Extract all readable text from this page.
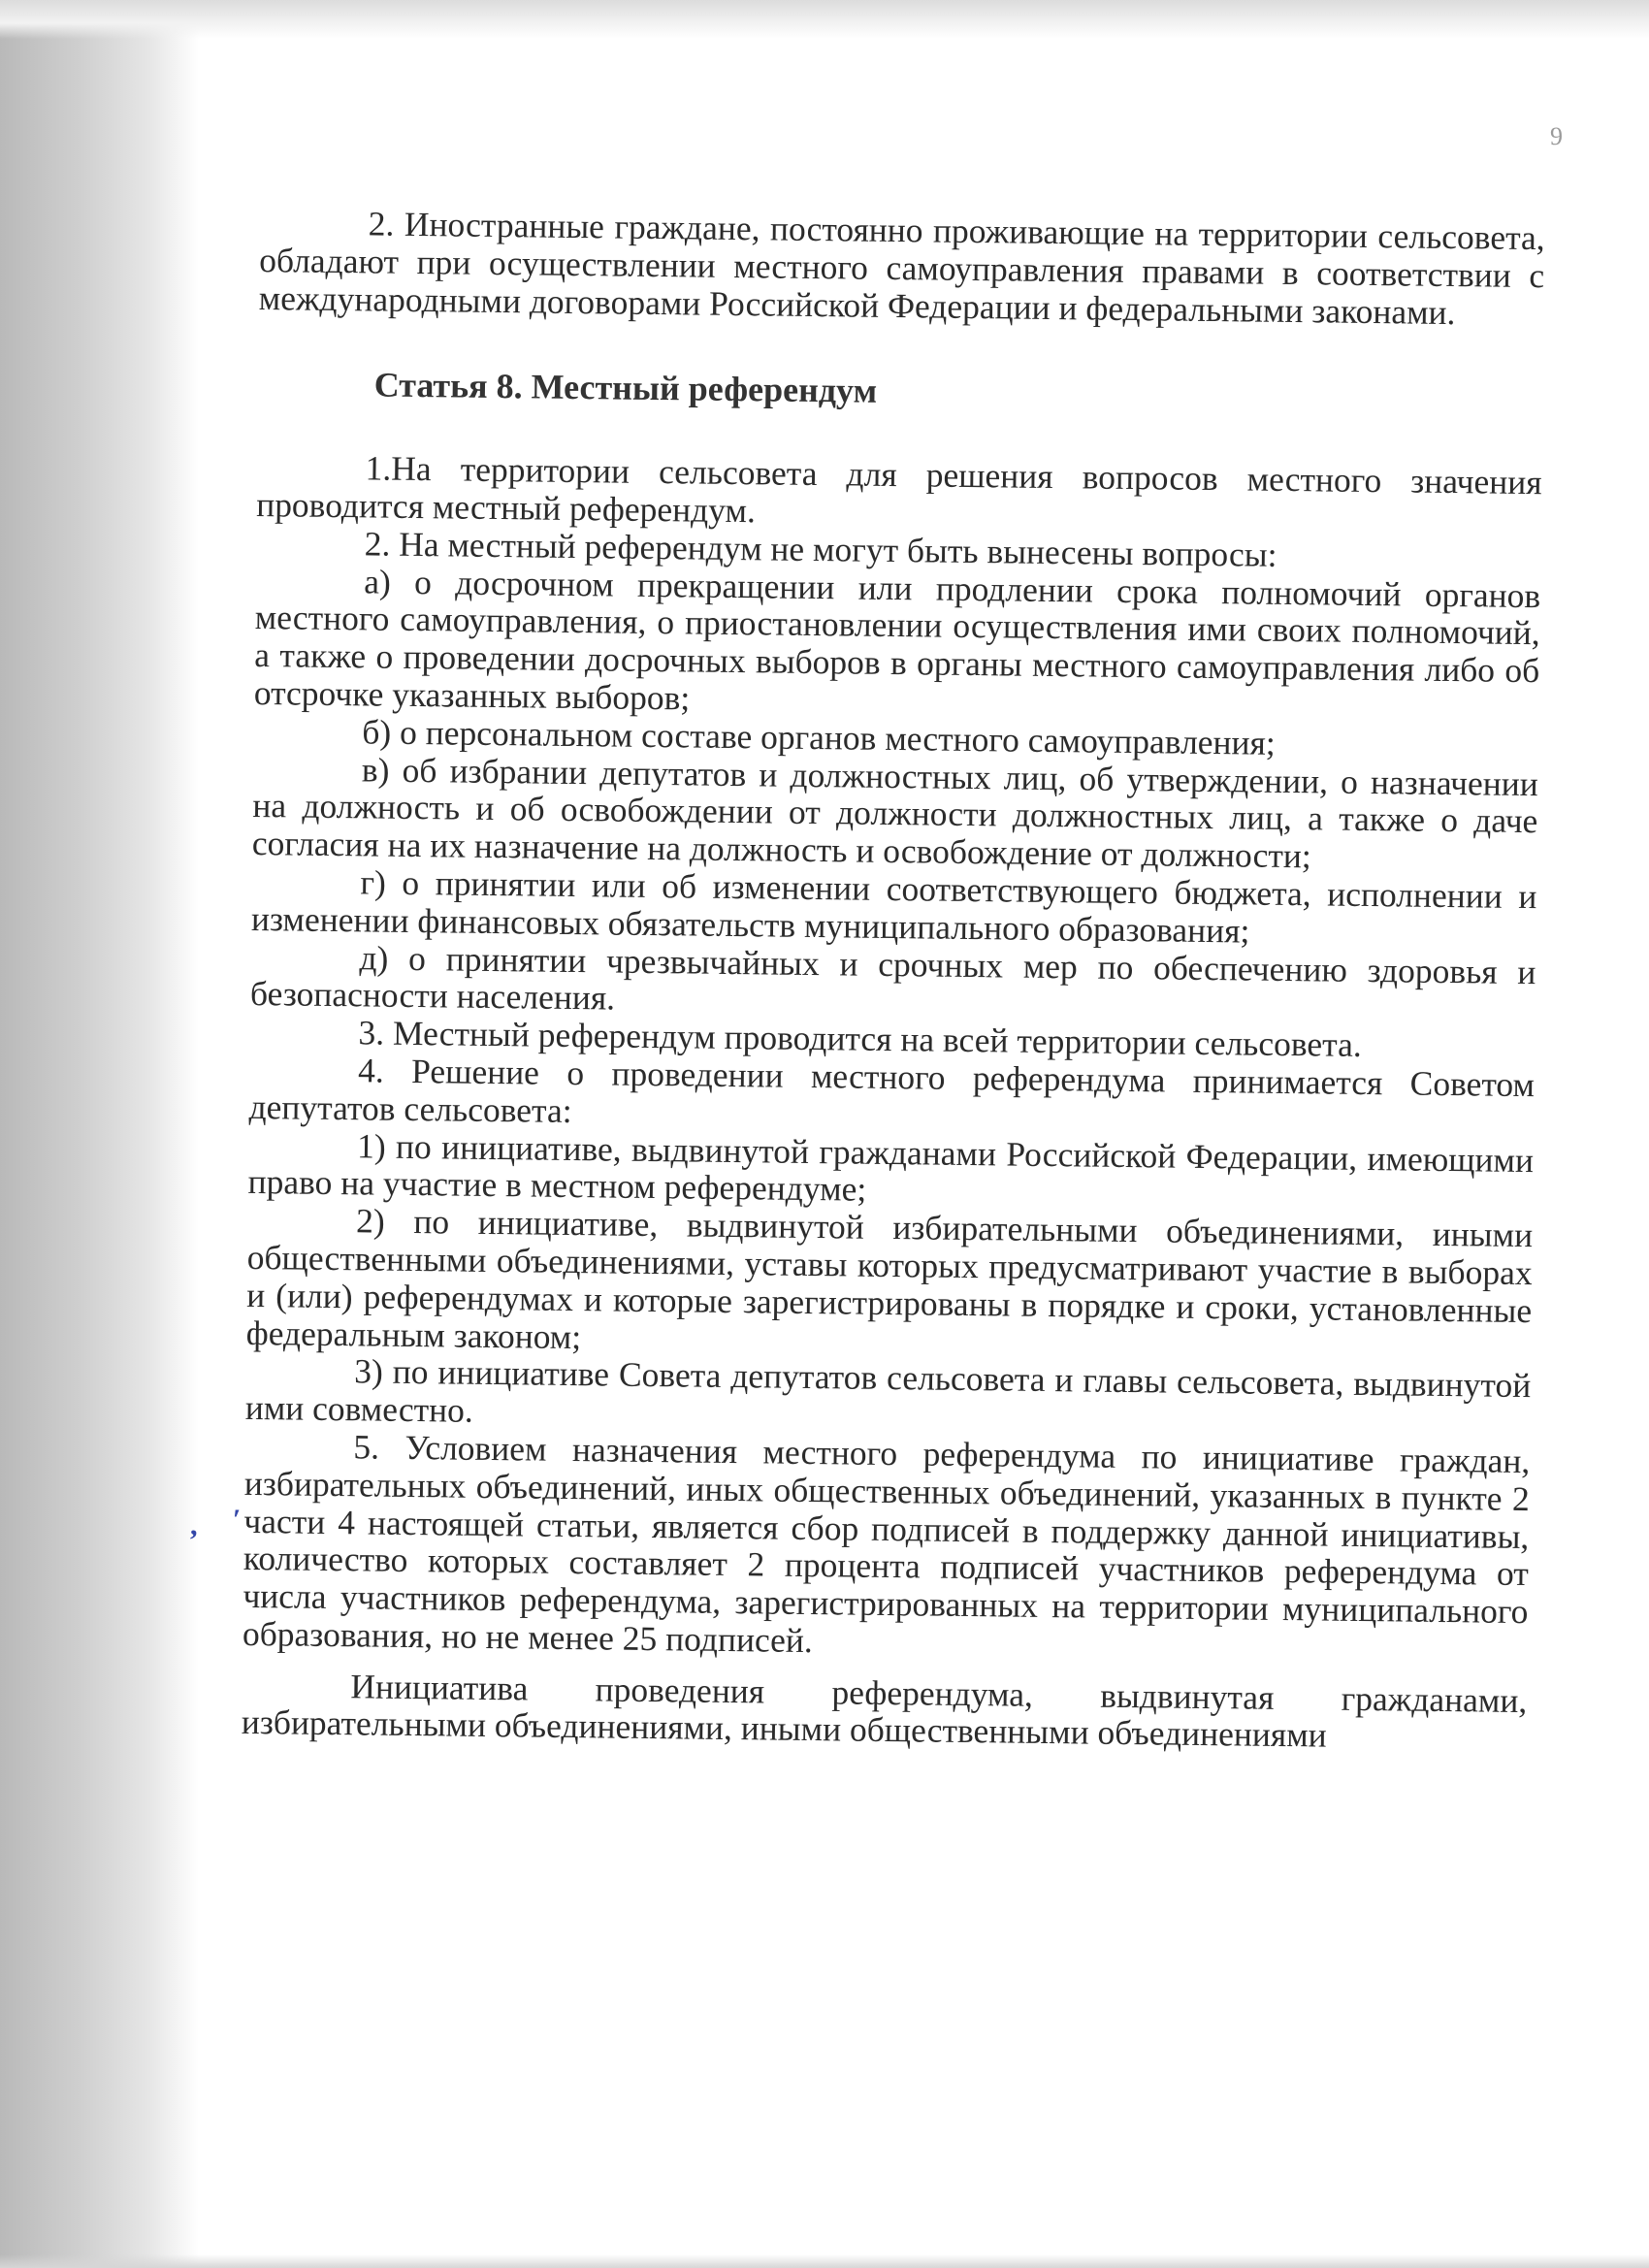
9

2. Иностранные граждане, постоянно проживающие на территории сельсовета, обладают при осуществлении местного самоуправления правами в соответствии с международными договорами Российской Федерации и федеральными законами.

Статья 8. Местный референдум

1.На территории сельсовета для решения вопросов местного значения проводится местный референдум.

2. На местный референдум не могут быть вынесены вопросы:

а) о досрочном прекращении или продлении срока полномочий органов местного самоуправления, о приостановлении осуществления ими своих полномочий, а также о проведении досрочных выборов в органы местного самоуправления либо об отсрочке указанных выборов;

б) о персональном составе органов местного самоуправления;

в) об избрании депутатов и должностных лиц, об утверждении, о назначении на должность и об освобождении от должности должностных лиц, а также о даче согласия на их назначение на должность и освобождение от должности;

г) о принятии или об изменении соответствующего бюджета, исполнении и изменении финансовых обязательств муниципального образования;

д) о принятии чрезвычайных и срочных мер по обеспечению здоровья и безопасности населения.

3. Местный референдум проводится на всей территории сельсовета.

4. Решение о проведении местного референдума принимается Советом депутатов сельсовета:

1) по инициативе, выдвинутой гражданами Российской Федерации, имеющими право на участие в местном референдуме;

2) по инициативе, выдвинутой избирательными объединениями, иными общественными объединениями, уставы которых предусматривают участие в выборах и (или) референдумах и которые зарегистрированы в порядке и сроки, установленные федеральным законом;

3) по инициативе Совета депутатов сельсовета и главы сельсовета, выдвинутой ими совместно.

5. Условием назначения местного референдума по инициативе граждан, избирательных объединений, иных общественных объединений, указанных в пункте 2 части 4 настоящей статьи, является сбор подписей в поддержку данной инициативы, количество которых составляет 2 процента подписей участников референдума от числа участников референдума, зарегистрированных на территории муниципального образования, но не менее 25 подписей.

Инициатива проведения референдума, выдвинутая гражданами, избирательными объединениями, иными общественными объединениями

, ʹ
